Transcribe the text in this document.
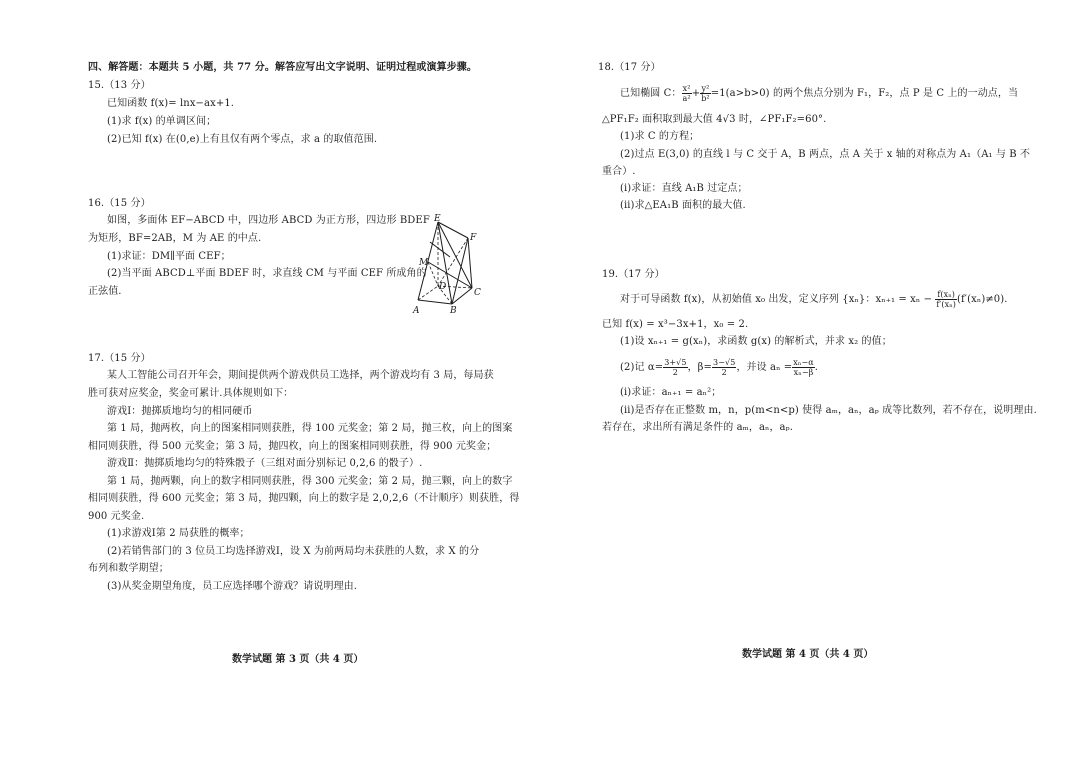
四、解答题：本题共 5 小题，共 77 分。解答应写出文字说明、证明过程或演算步骤。
15.（13 分）
已知函数 f(x)= lnx−ax+1.
(1)求 f(x) 的单调区间；
(2)已知 f(x) 在(0,e)上有且仅有两个零点，求 a 的取值范围.
16.（15 分）
如图，多面体 EF−ABCD 中，四边形 ABCD 为正方形，四边形 BDEF
为矩形，BF=2AB，M 为 AE 的中点.
(1)求证：DM∥平面 CEF；
(2)当平面 ABCD⊥平面 BDEF 时，求直线 CM 与平面 CEF 所成角的
正弦值.
E
F
M
D
C
A	B
17.（15 分）
某人工智能公司召开年会，期间提供两个游戏供员工选择，两个游戏均有 3 局，每局获
胜可获对应奖金，奖金可累计.具体规则如下：
游戏Ⅰ：抛掷质地均匀的相同硬币
第 1 局，抛两枚，向上的图案相同则获胜，得 100 元奖金；第 2 局，抛三枚，向上的图案
相同则获胜，得 500 元奖金；第 3 局，抛四枚，向上的图案相同则获胜，得 900 元奖金；
游戏Ⅱ：抛掷质地均匀的特殊骰子（三组对面分别标记 0,2,6 的骰子）.
第 1 局，抛两颗，向上的数字相同则获胜，得 300 元奖金；第 2 局，抛三颗，向上的数字
相同则获胜，得 600 元奖金；第 3 局，抛四颗，向上的数字是 2,0,2,6（不计顺序）则获胜，得
900 元奖金.
(1)求游戏Ⅰ第 2 局获胜的概率；
(2)若销售部门的 3 位员工均选择游戏Ⅰ，设 X 为前两局均未获胜的人数，求 X 的分
布列和数学期望；
(3)从奖金期望角度，员工应选择哪个游戏？请说明理由.
数学试题 第 3 页（共 4 页）
18.（17 分）
已知椭圆 C： $\frac{\text{x²}}{\text{a²}} + \frac{\text{y²}}{\text{b²}} =1(a>b>0)$ 的两个焦点分别为 F₁，F₂，点 P 是 C 上的一动点，当
△PF₁F₂ 面积取到最大值 4√3 时，∠PF₁F₂=60°.
(1)求 C 的方程；
(2)过点 E(3,0) 的直线 l 与 C 交于 A，B 两点，点 A 关于 x 轴的对称点为 A₁（A₁ 与 B 不
重合）.
(ⅰ)求证：直线 A₁B 过定点；
(ⅱ)求△EA₁B 面积的最大值.
19.（17 分）
对于可导函数 f(x)，从初始值 x₀ 出发，定义序列 {xₙ}：$x_{n+1} = x_n - \frac{\text{f(xₙ)}}{\text{f′(xₙ)}} (f'(x_n)\ne 0)$.
已知 f(x) = x³−3x+1，x₀ = 2.
(1)设 xₙ₊₁ = g(xₙ)，求函数 g(x) 的解析式，并求 x₂ 的值；
(2)记 $\alpha= \frac{3+√5}{2}$ ，$\beta= \frac{3-√5}{2}$ ，并设 $a_n = \frac{\text{xₙ−α}}{\text{xₙ−β}}$ .
(ⅰ)求证：aₙ₊₁ = aₙ²；
(ⅱ)是否存在正整数 m，n，p(m<n<p) 使得 aₘ，aₙ，aₚ 成等比数列，若不存在，说明理由.
若存在，求出所有满足条件的 aₘ，aₙ，aₚ.
数学试题 第 4 页（共 4 页）
